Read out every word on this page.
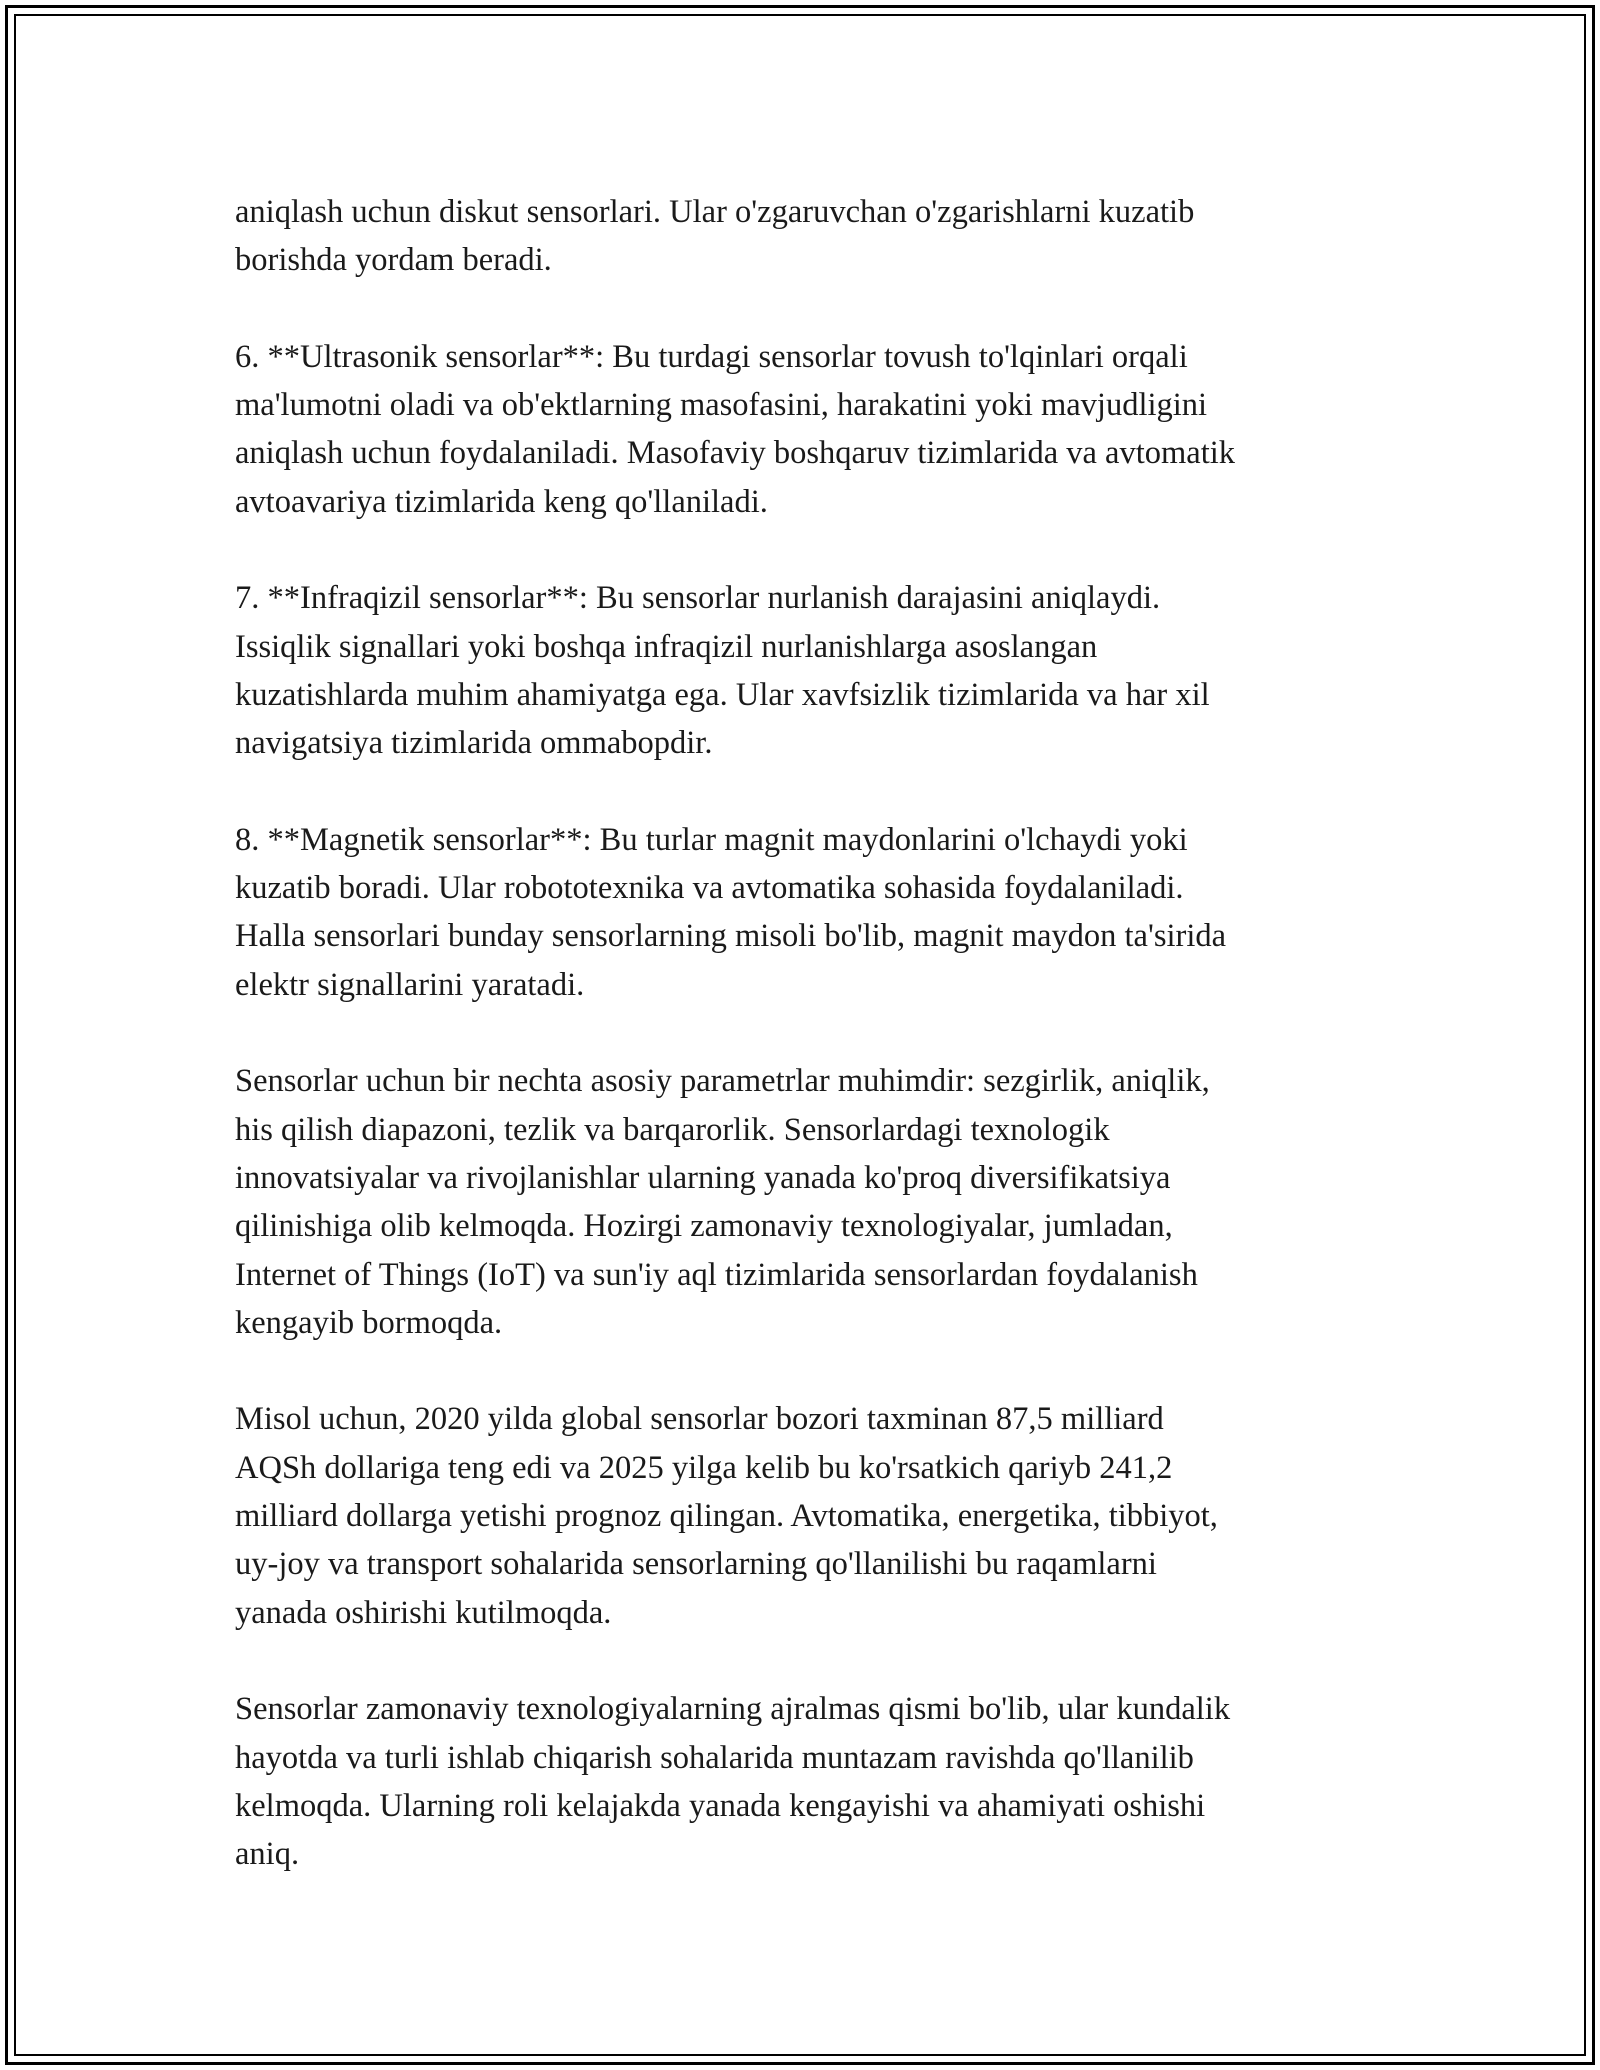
aniqlash uchun diskut sensorlari. Ular o'zgaruvchan o'zgarishlarni kuzatib
borishda yordam beradi.

6. **Ultrasonik sensorlar**: Bu turdagi sensorlar tovush to'lqinlari orqali
ma'lumotni oladi va ob'ektlarning masofasini, harakatini yoki mavjudligini
aniqlash uchun foydalaniladi. Masofaviy boshqaruv tizimlarida va avtomatik
avtoavariya tizimlarida keng qo'llaniladi.

7. **Infraqizil sensorlar**: Bu sensorlar nurlanish darajasini aniqlaydi.
Issiqlik signallari yoki boshqa infraqizil nurlanishlarga asoslangan
kuzatishlarda muhim ahamiyatga ega. Ular xavfsizlik tizimlarida va har xil
navigatsiya tizimlarida ommabopdir.

8. **Magnetik sensorlar**: Bu turlar magnit maydonlarini o'lchaydi yoki
kuzatib boradi. Ular robototexnika va avtomatika sohasida foydalaniladi.
Halla sensorlari bunday sensorlarning misoli bo'lib, magnit maydon ta'sirida
elektr signallarini yaratadi.

Sensorlar uchun bir nechta asosiy parametrlar muhimdir: sezgirlik, aniqlik,
his qilish diapazoni, tezlik va barqarorlik. Sensorlardagi texnologik
innovatsiyalar va rivojlanishlar ularning yanada ko'proq diversifikatsiya
qilinishiga olib kelmoqda. Hozirgi zamonaviy texnologiyalar, jumladan,
Internet of Things (IoT) va sun'iy aql tizimlarida sensorlardan foydalanish
kengayib bormoqda.

Misol uchun, 2020 yilda global sensorlar bozori taxminan 87,5 milliard
AQSh dollariga teng edi va 2025 yilga kelib bu ko'rsatkich qariyb 241,2
milliard dollarga yetishi prognoz qilingan. Avtomatika, energetika, tibbiyot,
uy-joy va transport sohalarida sensorlarning qo'llanilishi bu raqamlarni
yanada oshirishi kutilmoqda.

Sensorlar zamonaviy texnologiyalarning ajralmas qismi bo'lib, ular kundalik
hayotda va turli ishlab chiqarish sohalarida muntazam ravishda qo'llanilib
kelmoqda. Ularning roli kelajakda yanada kengayishi va ahamiyati oshishi
aniq.
